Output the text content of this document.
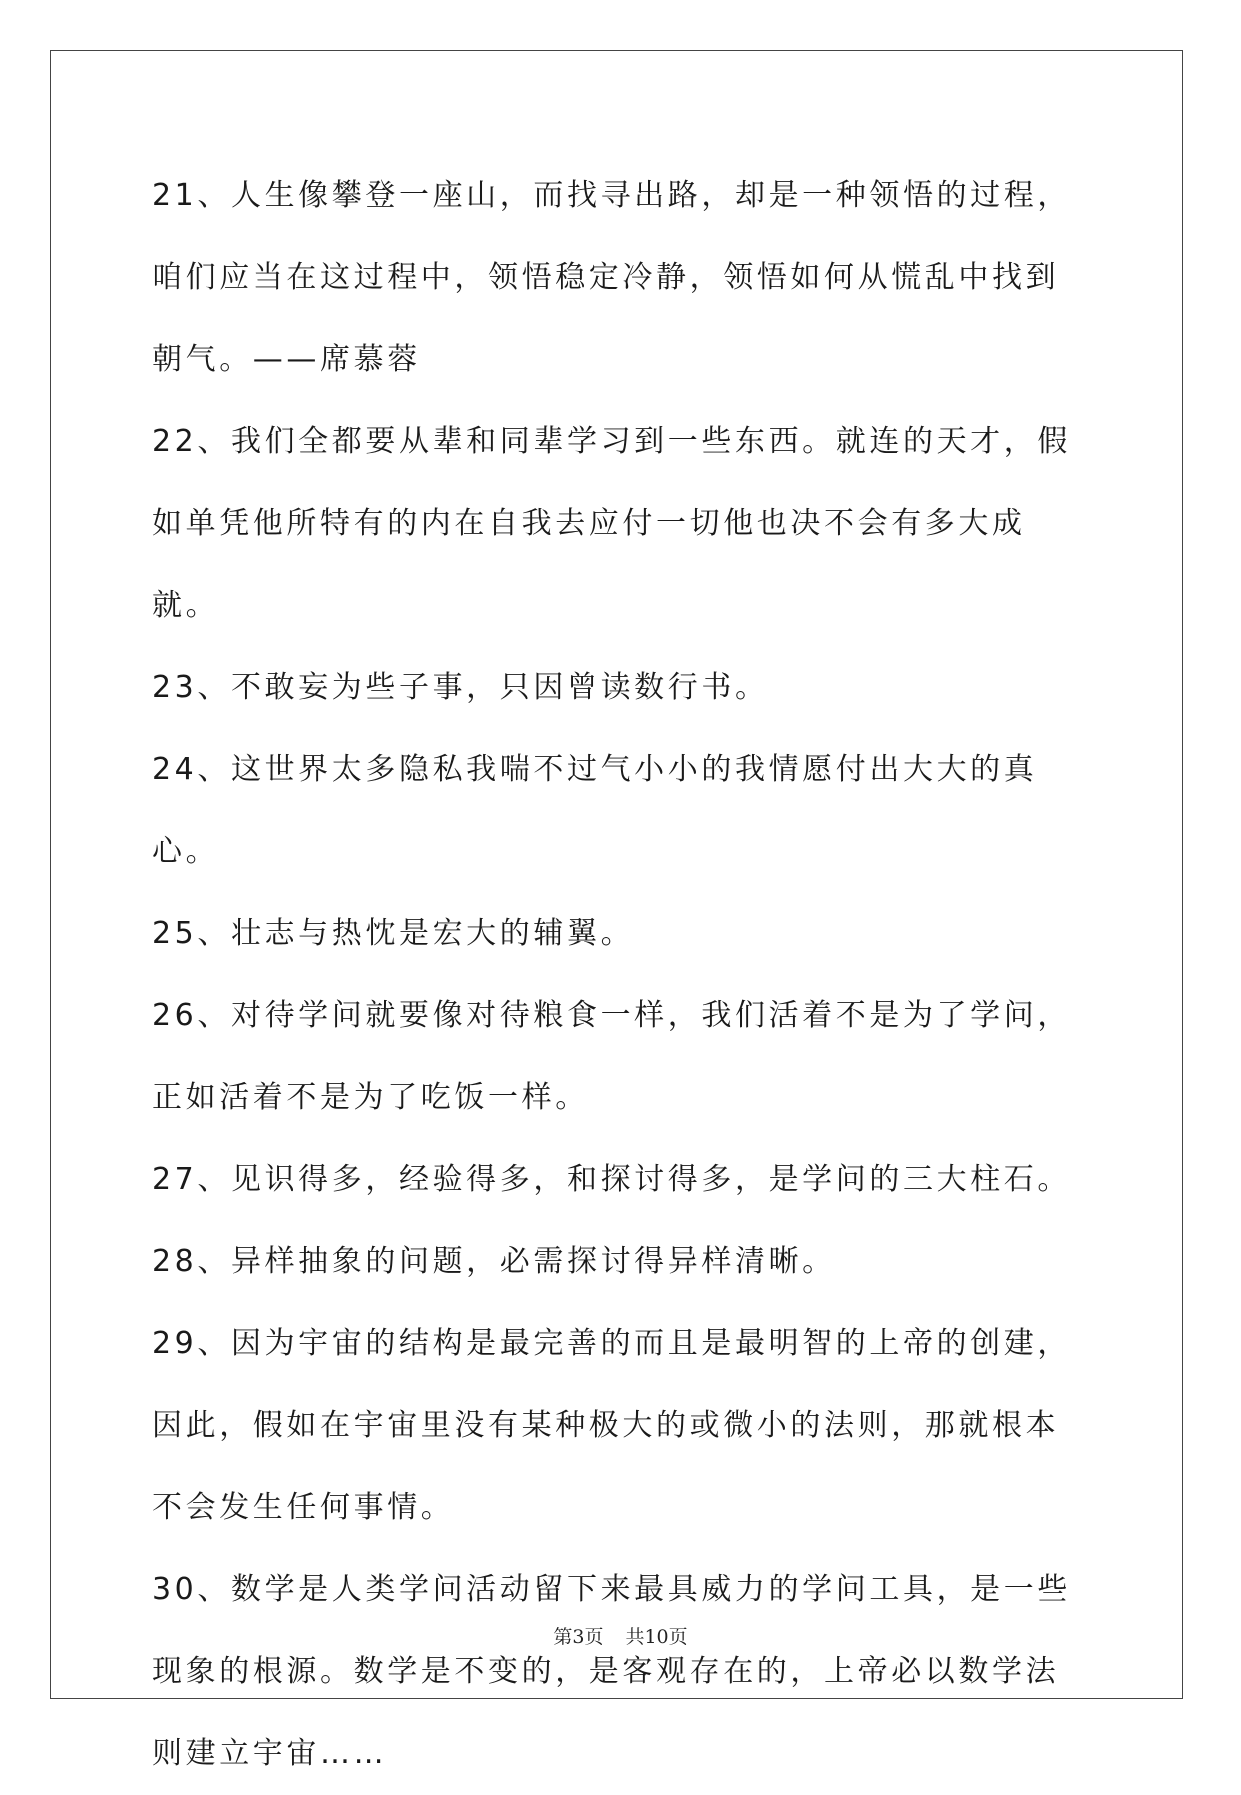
21、人生像攀登一座山，而找寻出路，却是一种领悟的过程，咱们应当在这过程中，领悟稳定冷静，领悟如何从慌乱中找到朝气。——席慕蓉

22、我们全都要从辈和同辈学习到一些东西。就连的天才，假如单凭他所特有的内在自我去应付一切他也决不会有多大成就。

23、不敢妄为些子事，只因曾读数行书。

24、这世界太多隐私我喘不过气小小的我情愿付出大大的真心。

25、壮志与热忱是宏大的辅翼。

26、对待学问就要像对待粮食一样，我们活着不是为了学问，正如活着不是为了吃饭一样。

27、见识得多，经验得多，和探讨得多，是学问的三大柱石。

28、异样抽象的问题，必需探讨得异样清晰。

29、因为宇宙的结构是最完善的而且是最明智的上帝的创建，因此，假如在宇宙里没有某种极大的或微小的法则，那就根本不会发生任何事情。

30、数学是人类学问活动留下来最具威力的学问工具，是一些现象的根源。数学是不变的，是客观存在的，上帝必以数学法则建立宇宙……

第3页 共10页
